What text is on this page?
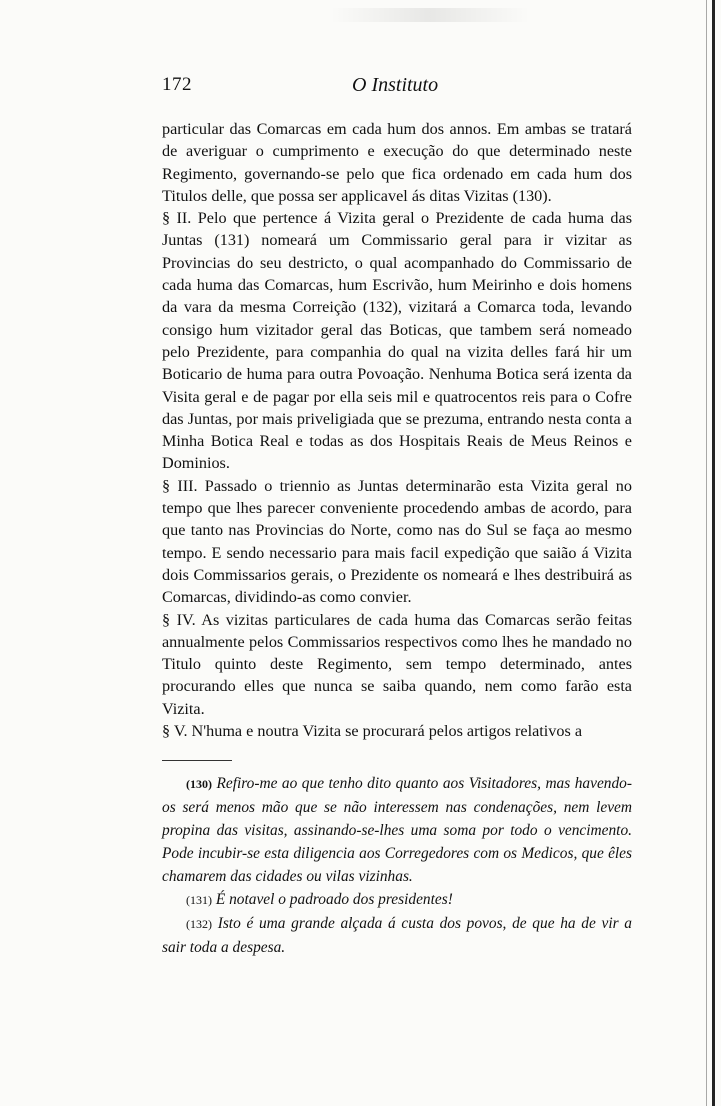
172	O Instituto

particular das Comarcas em cada hum dos annos. Em ambas se tratará de averiguar o cumprimento e execução do que determinado neste Regimento, governando-se pelo que fica ordenado em cada hum dos Titulos delle, que possa ser applicavel ás ditas Vizitas (130).

§ II. Pelo que pertence á Vizita geral o Prezidente de cada huma das Juntas (131) nomeará um Commissario geral para ir vizitar as Provincias do seu destricto, o qual acompanhado do Commissario de cada huma das Comarcas, hum Escrivão, hum Meirinho e dois homens da vara da mesma Correição (132), vizitará a Comarca toda, levando consigo hum vizitador geral das Boticas, que tambem será nomeado pelo Prezidente, para companhia do qual na vizita delles fará hir um Boticario de huma para outra Povoação. Nenhuma Botica será izenta da Visita geral e de pagar por ella seis mil e quatrocentos reis para o Cofre das Juntas, por mais priveligiada que se prezuma, entrando nesta conta a Minha Botica Real e todas as dos Hospitais Reais de Meus Reinos e Dominios.

§ III. Passado o triennio as Juntas determinarão esta Vizita geral no tempo que lhes parecer conveniente procedendo ambas de acordo, para que tanto nas Provincias do Norte, como nas do Sul se faça ao mesmo tempo. E sendo necessario para mais facil expedição que saião á Vizita dois Commissarios gerais, o Prezidente os nomeará e lhes destribuirá as Comarcas, dividindo-as como convier.

§ IV. As vizitas particulares de cada huma das Comarcas serão feitas annualmente pelos Commissarios respectivos como lhes he mandado no Titulo quinto deste Regimento, sem tempo determinado, antes procurando elles que nunca se saiba quando, nem como farão esta Vizita.

§ V. N'huma e noutra Vizita se procurará pelos artigos relativos a

(130) Refiro-me ao que tenho dito quanto aos Visitadores, mas havendo-os será menos mão que se não interessem nas condenações, nem levem propina das visitas, assinando-se-lhes uma soma por todo o vencimento. Pode incubir-se esta diligencia aos Corregedores com os Medicos, que êles chamarem das cidades ou vilas vizinhas.

(131) É notavel o padroado dos presidentes!

(132) Isto é uma grande alçada á custa dos povos, de que ha de vir a sair toda a despesa.
